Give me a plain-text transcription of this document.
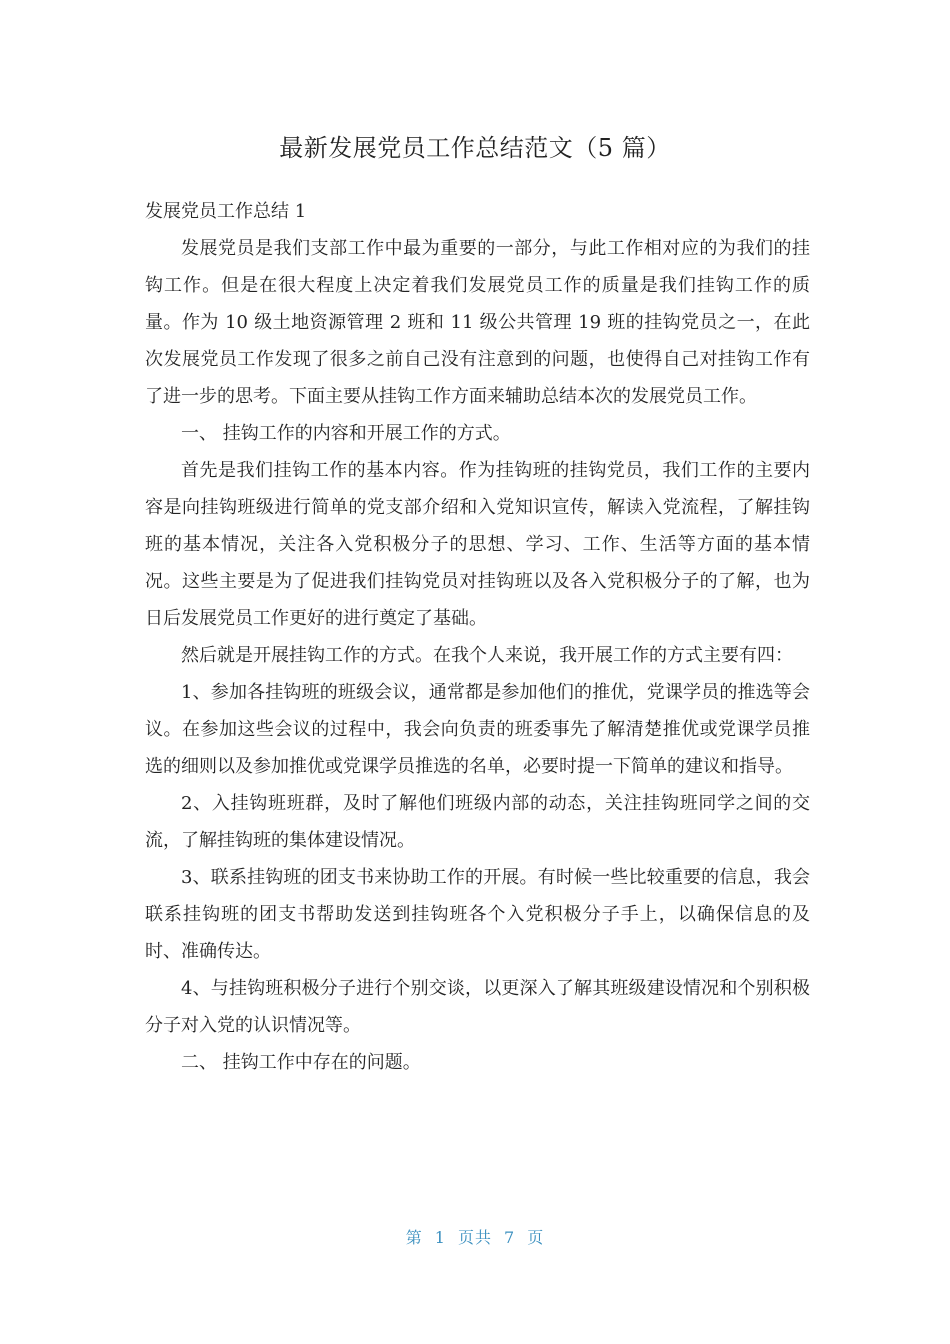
最新发展党员工作总结范文（5 篇）

发展党员工作总结 1

发展党员是我们支部工作中最为重要的一部分，与此工作相对应的为我们的挂钩工作。但是在很大程度上决定着我们发展党员工作的质量是我们挂钩工作的质量。作为 10 级土地资源管理 2 班和 11 级公共管理 19 班的挂钩党员之一，在此次发展党员工作发现了很多之前自己没有注意到的问题，也使得自己对挂钩工作有了进一步的思考。下面主要从挂钩工作方面来辅助总结本次的发展党员工作。

一、 挂钩工作的内容和开展工作的方式。

首先是我们挂钩工作的基本内容。作为挂钩班的挂钩党员，我们工作的主要内容是向挂钩班级进行简单的党支部介绍和入党知识宣传，解读入党流程，了解挂钩班的基本情况，关注各入党积极分子的思想、学习、工作、生活等方面的基本情况。这些主要是为了促进我们挂钩党员对挂钩班以及各入党积极分子的了解，也为日后发展党员工作更好的进行奠定了基础。

然后就是开展挂钩工作的方式。在我个人来说，我开展工作的方式主要有四：

1、参加各挂钩班的班级会议，通常都是参加他们的推优，党课学员的推选等会议。在参加这些会议的过程中，我会向负责的班委事先了解清楚推优或党课学员推选的细则以及参加推优或党课学员推选的名单，必要时提一下简单的建议和指导。

2、入挂钩班班群，及时了解他们班级内部的动态，关注挂钩班同学之间的交流，了解挂钩班的集体建设情况。

3、联系挂钩班的团支书来协助工作的开展。有时候一些比较重要的信息，我会联系挂钩班的团支书帮助发送到挂钩班各个入党积极分子手上，以确保信息的及时、准确传达。

4、与挂钩班积极分子进行个别交谈，以更深入了解其班级建设情况和个别积极分子对入党的认识情况等。

二、 挂钩工作中存在的问题。

第 1 页共 7 页
